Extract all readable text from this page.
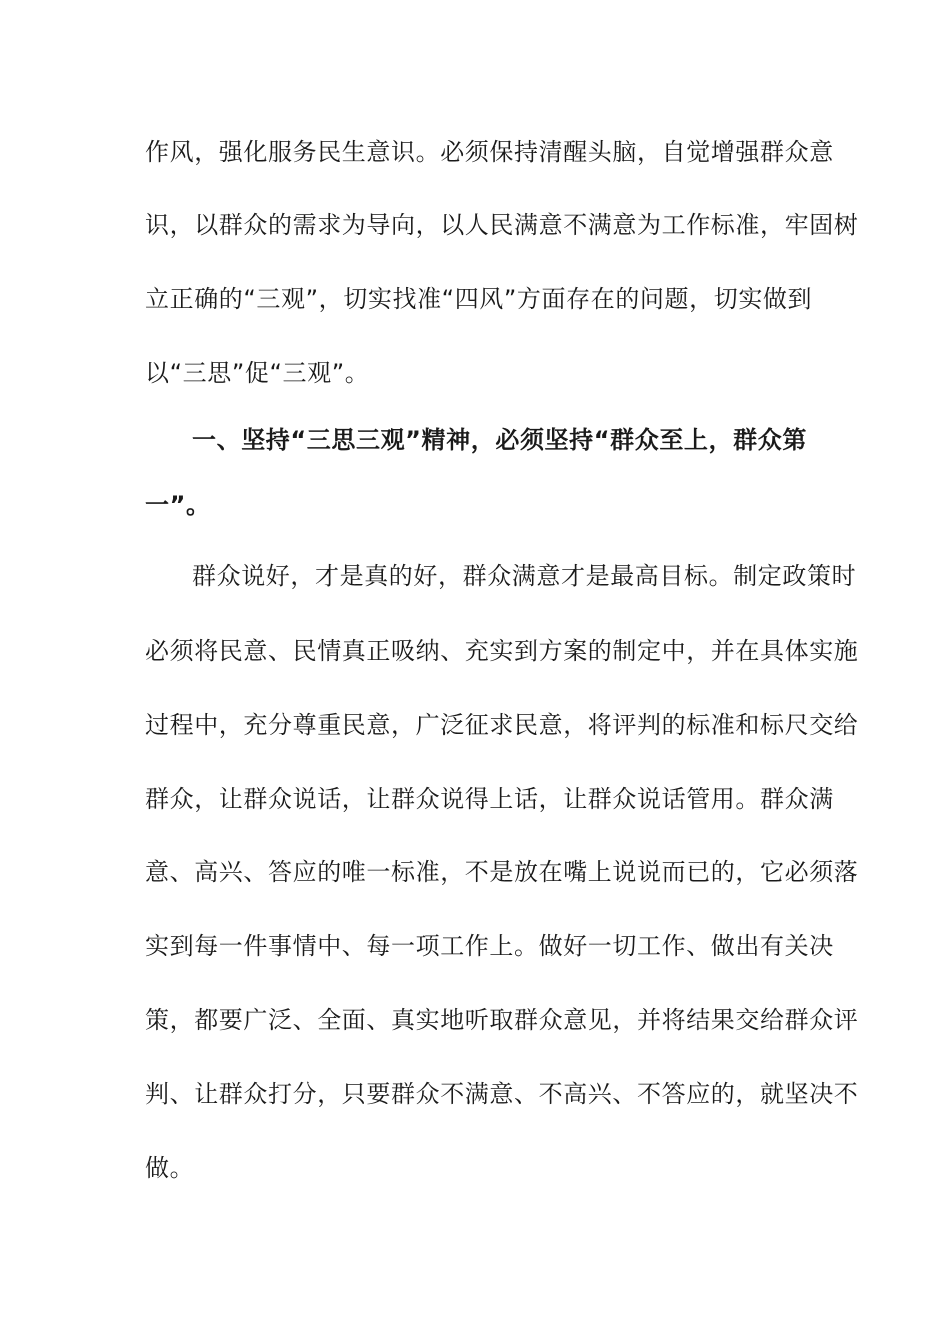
作风，强化服务民生意识。必须保持清醒头脑，自觉增强群众意
识，以群众的需求为导向，以人民满意不满意为工作标准，牢固树
立正确的“三观”，切实找准“四风”方面存在的问题，切实做到
以“三思”促“三观”。
一、坚持“三思三观”精神，必须坚持“群众至上，群众第
一”。
群众说好，才是真的好，群众满意才是最高目标。制定政策时
必须将民意、民情真正吸纳、充实到方案的制定中，并在具体实施
过程中，充分尊重民意，广泛征求民意，将评判的标准和标尺交给
群众，让群众说话，让群众说得上话，让群众说话管用。群众满
意、高兴、答应的唯一标准，不是放在嘴上说说而已的，它必须落
实到每一件事情中、每一项工作上。做好一切工作、做出有关决
策，都要广泛、全面、真实地听取群众意见，并将结果交给群众评
判、让群众打分，只要群众不满意、不高兴、不答应的，就坚决不
做。
